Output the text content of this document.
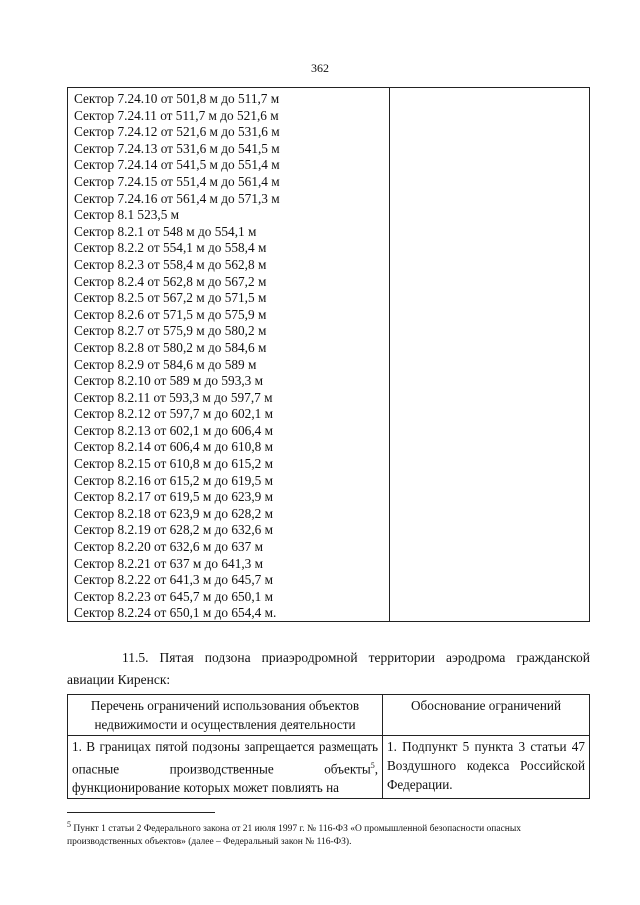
362
Сектор 7.24.10 от 501,8 м до 511,7 м
Сектор 7.24.11 от 511,7 м до 521,6 м
Сектор 7.24.12 от 521,6 м до 531,6 м
Сектор 7.24.13 от 531,6 м до 541,5 м
Сектор 7.24.14 от 541,5 м до 551,4 м
Сектор 7.24.15 от 551,4 м до 561,4 м
Сектор 7.24.16 от 561,4 м до 571,3 м
Сектор 8.1 523,5 м
Сектор 8.2.1 от 548 м до 554,1 м
Сектор 8.2.2 от 554,1 м до 558,4 м
Сектор 8.2.3 от 558,4 м до 562,8 м
Сектор 8.2.4 от 562,8 м до 567,2 м
Сектор 8.2.5 от 567,2 м до 571,5 м
Сектор 8.2.6 от 571,5 м до 575,9 м
Сектор 8.2.7 от 575,9 м до 580,2 м
Сектор 8.2.8 от 580,2 м до 584,6 м
Сектор 8.2.9 от 584,6 м до 589 м
Сектор 8.2.10 от 589 м до 593,3 м
Сектор 8.2.11 от 593,3 м до 597,7 м
Сектор 8.2.12 от 597,7 м до 602,1 м
Сектор 8.2.13 от 602,1 м до 606,4 м
Сектор 8.2.14 от 606,4 м до 610,8 м
Сектор 8.2.15 от 610,8 м до 615,2 м
Сектор 8.2.16 от 615,2 м до 619,5 м
Сектор 8.2.17 от 619,5 м до 623,9 м
Сектор 8.2.18 от 623,9 м до 628,2 м
Сектор 8.2.19 от 628,2 м до 632,6 м
Сектор 8.2.20 от 632,6 м до 637 м
Сектор 8.2.21 от 637 м до 641,3 м
Сектор 8.2.22 от 641,3 м до 645,7 м
Сектор 8.2.23 от 645,7 м до 650,1 м
Сектор 8.2.24 от 650,1 м до 654,4 м.
11.5. Пятая подзона приаэродромной территории аэродрома гражданской
авиации Киренск:
Перечень ограничений использования объектов недвижимости и осуществления деятельности	Обоснование ограничений
1. В границах пятой подзоны запрещается размещать опасные производственные объекты$^5$, функционирование которых может повлиять на	1. Подпункт 5 пункта 3 статьи 47 Воздушного кодекса Российской Федерации.
$^5$ Пункт 1 статьи 2 Федерального закона от 21 июля 1997 г. № 116-ФЗ «О промышленной безопасности опасных производственных объектов» (далее – Федеральный закон № 116-ФЗ).
